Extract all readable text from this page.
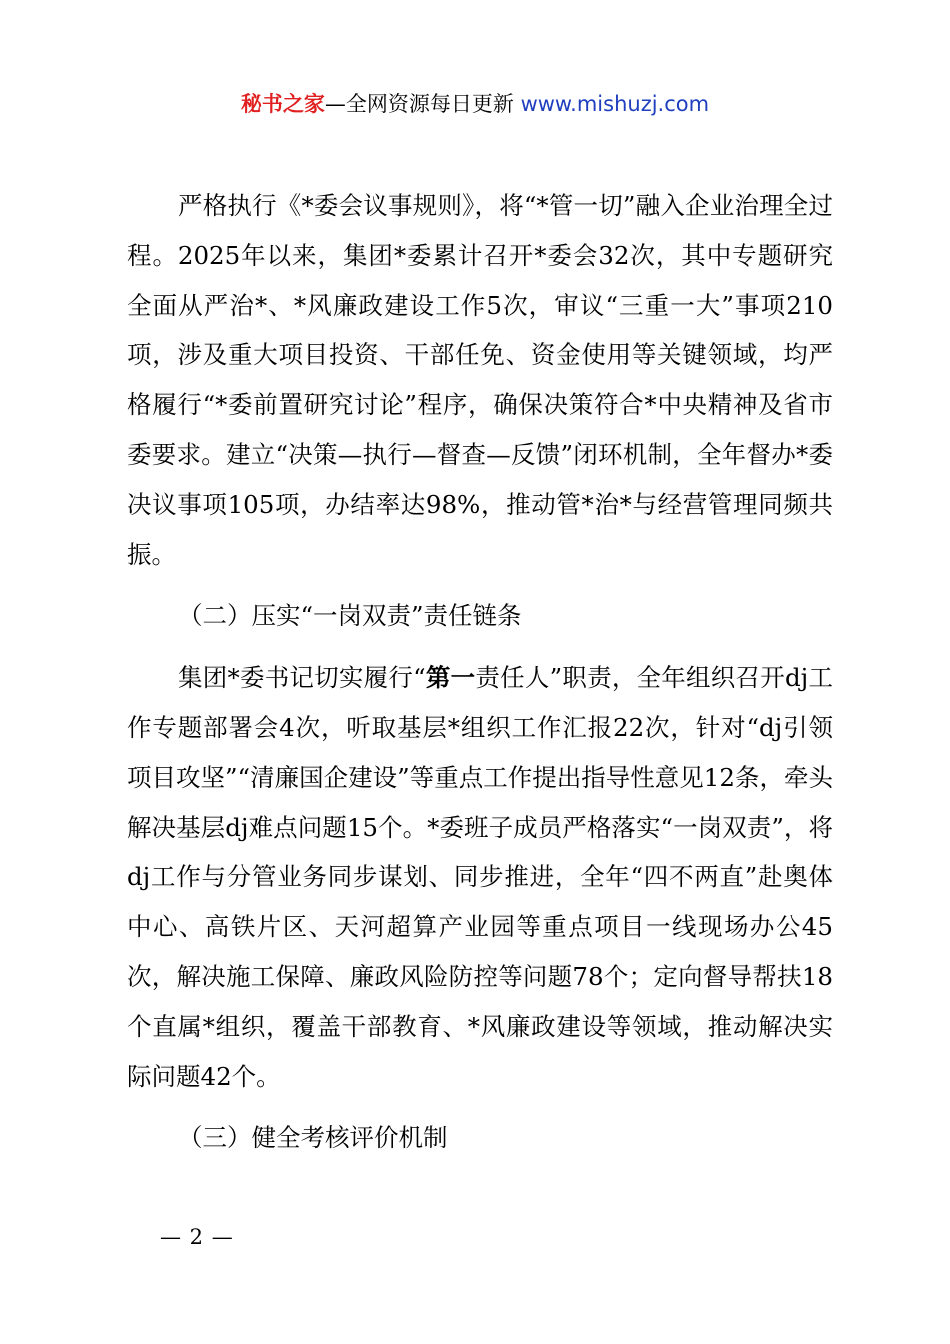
秘书之家—全网资源每日更新 www.mishuzj.com

严格执行《*委会议事规则》，将“*管一切”融入企业治理全过程。2025年以来，集团*委累计召开*委会32次，其中专题研究全面从严治*、*风廉政建设工作5次，审议“三重一大”事项210项，涉及重大项目投资、干部任免、资金使用等关键领域，均严格履行“*委前置研究讨论”程序，确保决策符合*中央精神及省市委要求。建立“决策—执行—督查—反馈”闭环机制，全年督办*委决议事项105项，办结率达98%，推动管*治*与经营管理同频共振。

（二）压实“一岗双责”责任链条

集团*委书记切实履行“第一责任人”职责，全年组织召开dj工作专题部署会4次，听取基层*组织工作汇报22次，针对“dj引领项目攻坚”“清廉国企建设”等重点工作提出指导性意见12条，牵头解决基层dj难点问题15个。*委班子成员严格落实“一岗双责”，将dj工作与分管业务同步谋划、同步推进，全年“四不两直”赴奥体中心、高铁片区、天河超算产业园等重点项目一线现场办公45次，解决施工保障、廉政风险防控等问题78个；定向督导帮扶18个直属*组织，覆盖干部教育、*风廉政建设等领域，推动解决实际问题42个。

（三）健全考核评价机制

— 2 —
